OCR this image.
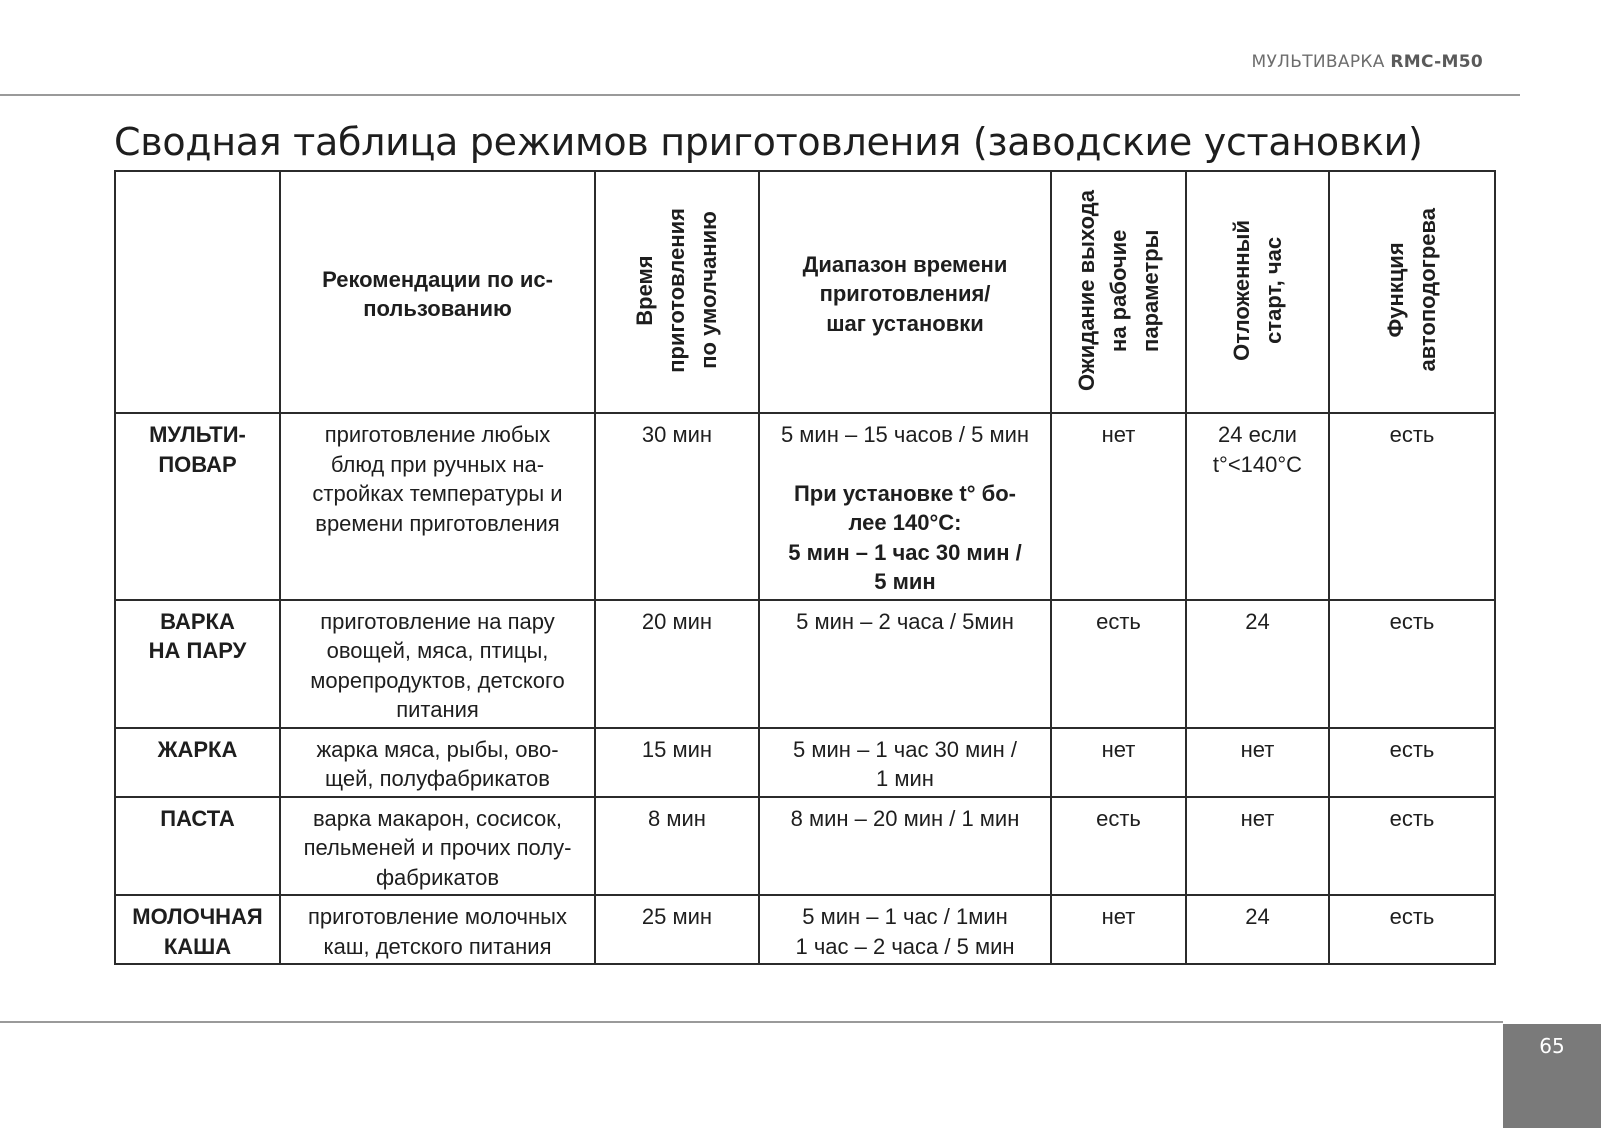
МУЛЬТИВАРКА RMC-M50
Сводная таблица режимов приготовления (заводские установки)

	Рекомендации по ис-
пользованию	Время
приготовления
по умолчанию	Диапазон времени
приготовления/
шаг установки	Ожидание выхода
на рабочие
параметры	Отложенный
старт, час	Функция
автоподогрева
МУЛЬТИ-
ПОВАР	приготовление любых
блюд при ручных на-
стройках температуры и
времени приготовления	30 мин	5 мин – 15 часов / 5 мин
При установке t° бо-
лее 140°С:
5 мин – 1 час 30 мин /
5 мин	нет	24 если
t°<140°С	есть
ВАРКА
НА ПАРУ	приготовление на пару
овощей, мяса, птицы,
морепродуктов, детского
питания	20 мин	5 мин – 2 часа / 5мин	есть	24	есть
ЖАРКА	жарка мяса, рыбы, ово-
щей, полуфабрикатов	15 мин	5 мин – 1 час 30 мин /
1 мин	нет	нет	есть
ПАСТА	варка макарон, сосисок,
пельменей и прочих полу-
фабрикатов	8 мин	8 мин – 20 мин / 1 мин	есть	нет	есть
МОЛОЧНАЯ
КАША	приготовление молочных
каш, детского питания	25 мин	5 мин – 1 час / 1мин
1 час – 2 часа / 5 мин	нет	24	есть
65
